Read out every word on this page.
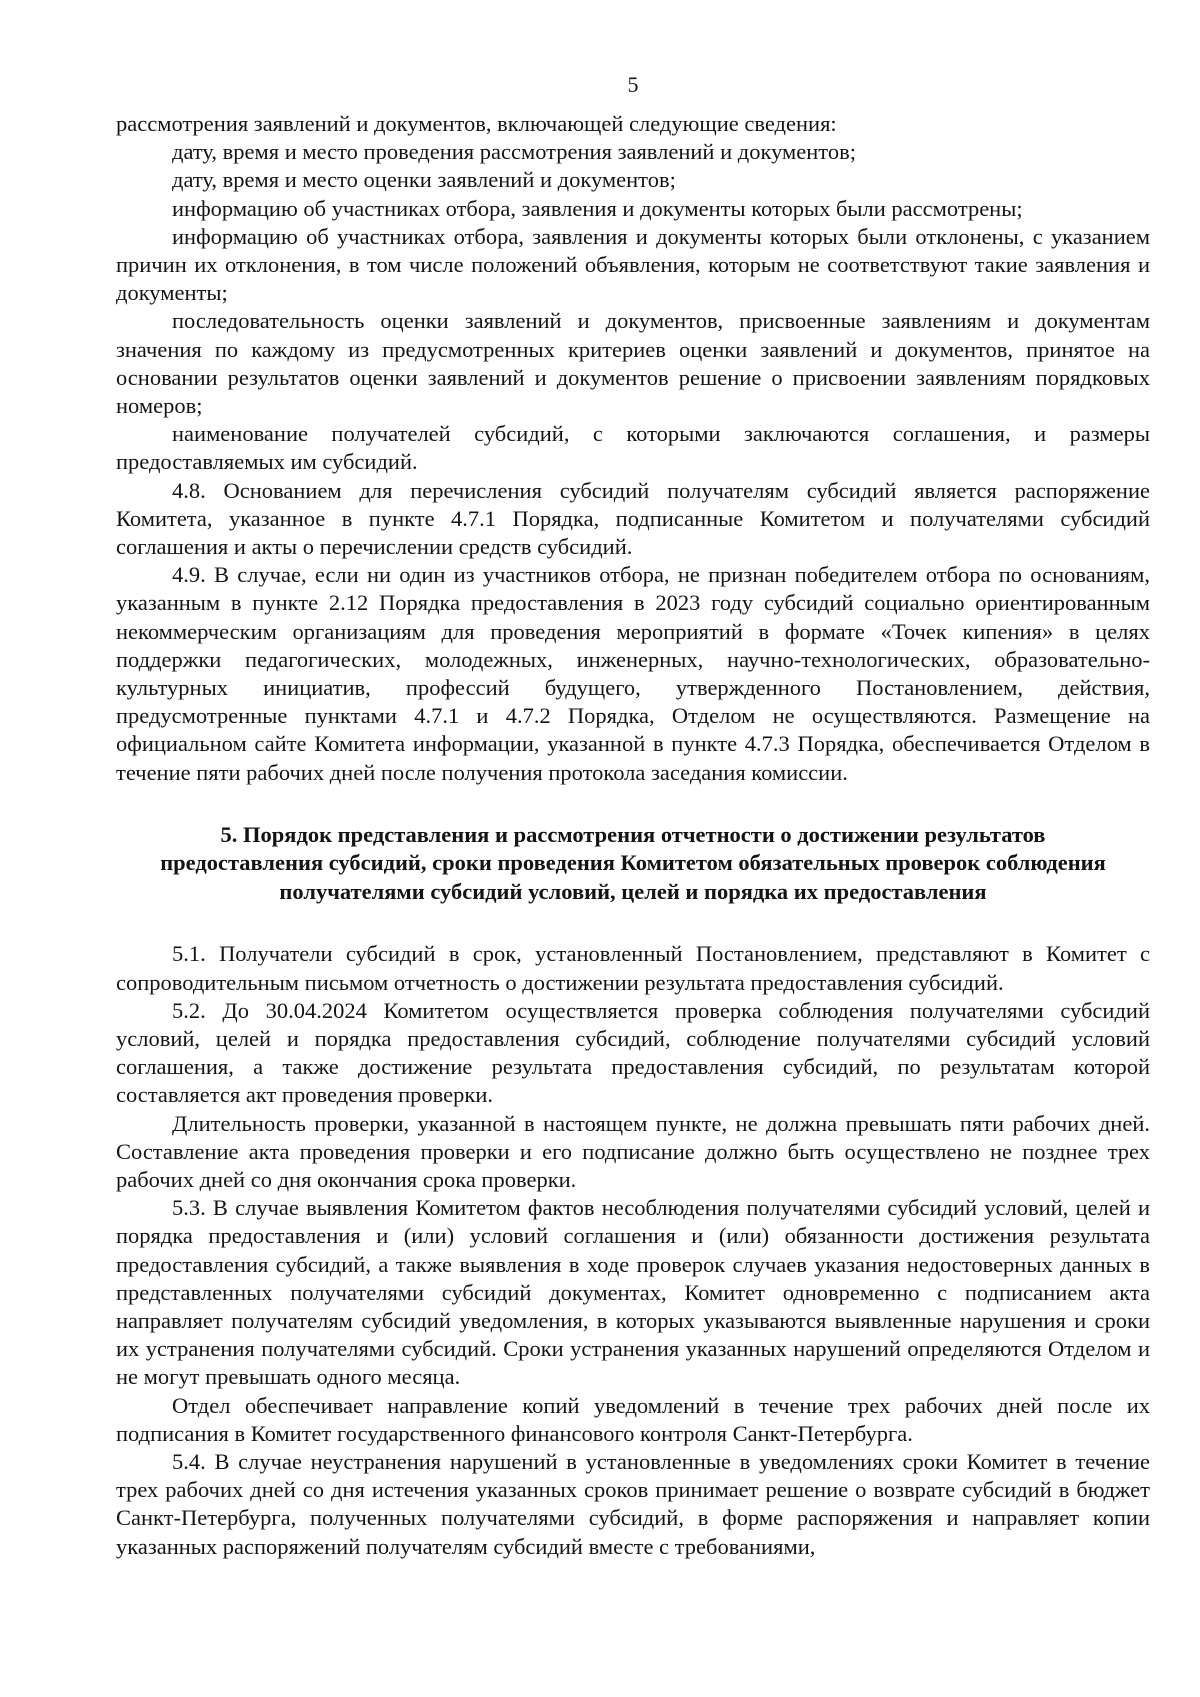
5

рассмотрения заявлений и документов, включающей следующие сведения:

дату, время и место проведения рассмотрения заявлений и документов;

дату, время и место оценки заявлений и документов;

информацию об участниках отбора, заявления и документы которых были рассмотрены;

информацию об участниках отбора, заявления и документы которых были отклонены, с указанием причин их отклонения, в том числе положений объявления, которым не соответствуют такие заявления и документы;

последовательность оценки заявлений и документов, присвоенные заявлениям и документам значения по каждому из предусмотренных критериев оценки заявлений и документов, принятое на основании результатов оценки заявлений и документов решение о присвоении заявлениям порядковых номеров;

наименование получателей субсидий, с которыми заключаются соглашения, и размеры предоставляемых им субсидий.

4.8. Основанием для перечисления субсидий получателям субсидий является распоряжение Комитета, указанное в пункте 4.7.1 Порядка, подписанные Комитетом и получателями субсидий соглашения и акты о перечислении средств субсидий.

4.9. В случае, если ни один из участников отбора, не признан победителем отбора по основаниям, указанным в пункте 2.12 Порядка предоставления в 2023 году субсидий социально ориентированным некоммерческим организациям для проведения мероприятий в формате «Точек кипения» в целях поддержки педагогических, молодежных, инженерных, научно-технологических, образовательно-культурных инициатив, профессий будущего, утвержденного Постановлением, действия, предусмотренные пунктами 4.7.1 и 4.7.2 Порядка, Отделом не осуществляются. Размещение на официальном сайте Комитета информации, указанной в пункте 4.7.3 Порядка, обеспечивается Отделом в течение пяти рабочих дней после получения протокола заседания комиссии.

5. Порядок представления и рассмотрения отчетности о достижении результатов
предоставления субсидий, сроки проведения Комитетом обязательных проверок соблюдения
получателями субсидий условий, целей и порядка их предоставления

5.1. Получатели субсидий в срок, установленный Постановлением, представляют в Комитет с сопроводительным письмом отчетность о достижении результата предоставления субсидий.

5.2. До 30.04.2024 Комитетом осуществляется проверка соблюдения получателями субсидий условий, целей и порядка предоставления субсидий, соблюдение получателями субсидий условий соглашения, а также достижение результата предоставления субсидий, по результатам которой составляется акт проведения проверки.

Длительность проверки, указанной в настоящем пункте, не должна превышать пяти рабочих дней. Составление акта проведения проверки и его подписание должно быть осуществлено не позднее трех рабочих дней со дня окончания срока проверки.

5.3. В случае выявления Комитетом фактов несоблюдения получателями субсидий условий, целей и порядка предоставления и (или) условий соглашения и (или) обязанности достижения результата предоставления субсидий, а также выявления в ходе проверок случаев указания недостоверных данных в представленных получателями субсидий документах, Комитет одновременно с подписанием акта направляет получателям субсидий уведомления, в которых указываются выявленные нарушения и сроки их устранения получателями субсидий. Сроки устранения указанных нарушений определяются Отделом и не могут превышать одного месяца.

Отдел обеспечивает направление копий уведомлений в течение трех рабочих дней после их подписания в Комитет государственного финансового контроля Санкт-Петербурга.

5.4. В случае неустранения нарушений в установленные в уведомлениях сроки Комитет в течение трех рабочих дней со дня истечения указанных сроков принимает решение о возврате субсидий в бюджет Санкт-Петербурга, полученных получателями субсидий, в форме распоряжения и направляет копии указанных распоряжений получателям субсидий вместе с требованиями,
